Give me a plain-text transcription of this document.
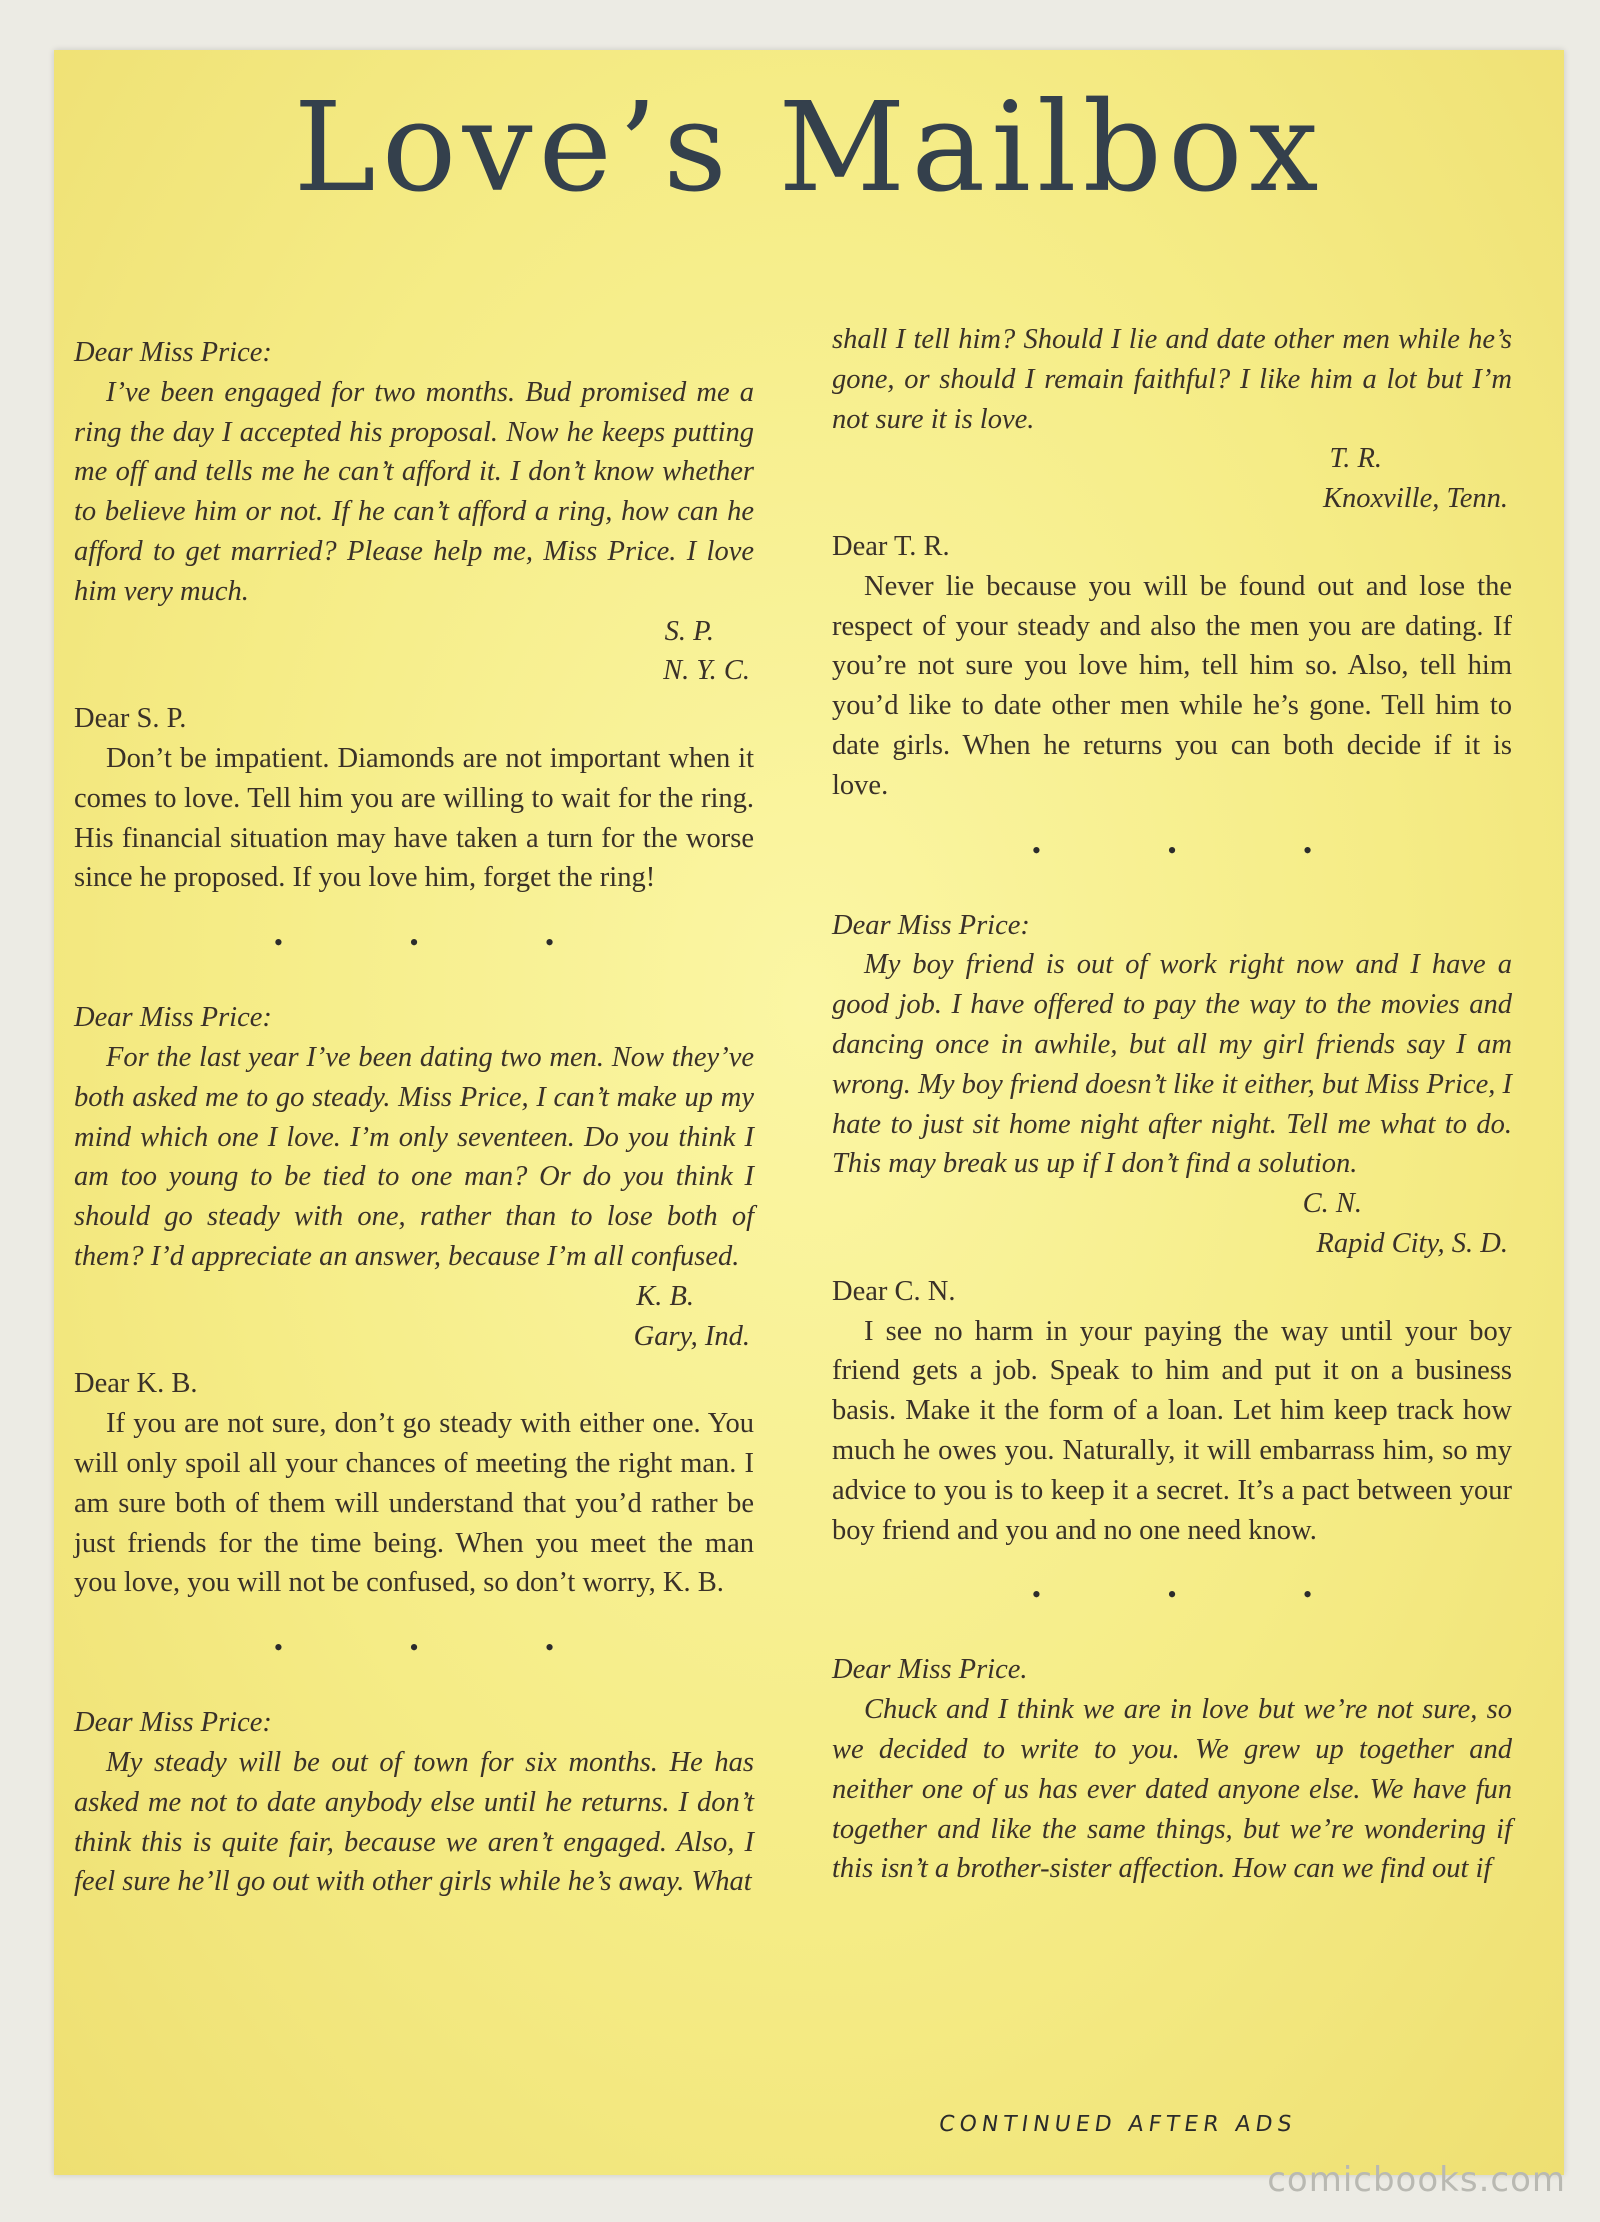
Love’s Mailbox
Dear Miss Price:

I’ve been engaged for two months. Bud promised me a ring the day I accepted his proposal. Now he keeps putting me off and tells me he can’t afford it. I don’t know whether to believe him or not. If he can’t afford a ring, how can he afford to get married? Please help me, Miss Price. I love him very much.

S. P.
N. Y. C.
Dear S. P.

Don’t be impatient. Diamonds are not important when it comes to love. Tell him you are willing to wait for the ring. His financial situation may have taken a turn for the worse since he proposed. If you love him, forget the ring!

• • •
Dear Miss Price:

For the last year I’ve been dating two men. Now they’ve both asked me to go steady. Miss Price, I can’t make up my mind which one I love. I’m only seventeen. Do you think I am too young to be tied to one man? Or do you think I should go steady with one, rather than to lose both of them? I’d appreciate an answer, because I’m all confused.

K. B.
Gary, Ind.
Dear K. B.

If you are not sure, don’t go steady with either one. You will only spoil all your chances of meeting the right man. I am sure both of them will understand that you’d rather be just friends for the time being. When you meet the man you love, you will not be confused, so don’t worry, K. B.

• • •
Dear Miss Price:

My steady will be out of town for six months. He has asked me not to date anybody else until he returns. I don’t think this is quite fair, because we aren’t engaged. Also, I feel sure he’ll go out with other girls while he’s away. What

shall I tell him? Should I lie and date other men while he’s gone, or should I remain faithful? I like him a lot but I’m not sure it is love.

T. R.
Knoxville, Tenn.
Dear T. R.

Never lie because you will be found out and lose the respect of your steady and also the men you are dating. If you’re not sure you love him, tell him so. Also, tell him you’d like to date other men while he’s gone. Tell him to date girls. When he returns you can both decide if it is love.

• • •
Dear Miss Price:

My boy friend is out of work right now and I have a good job. I have offered to pay the way to the movies and dancing once in awhile, but all my girl friends say I am wrong. My boy friend doesn’t like it either, but Miss Price, I hate to just sit home night after night. Tell me what to do. This may break us up if I don’t find a solution.

C. N.
Rapid City, S. D.
Dear C. N.

I see no harm in your paying the way until your boy friend gets a job. Speak to him and put it on a business basis. Make it the form of a loan. Let him keep track how much he owes you. Naturally, it will embarrass him, so my advice to you is to keep it a secret. It’s a pact between your boy friend and you and no one need know.

• • •
Dear Miss Price.

Chuck and I think we are in love but we’re not sure, so we decided to write to you. We grew up together and neither one of us has ever dated anyone else. We have fun together and like the same things, but we’re wondering if this isn’t a brother-sister affection. How can we find out if

CONTINUED AFTER ADS
comicbooks.com
